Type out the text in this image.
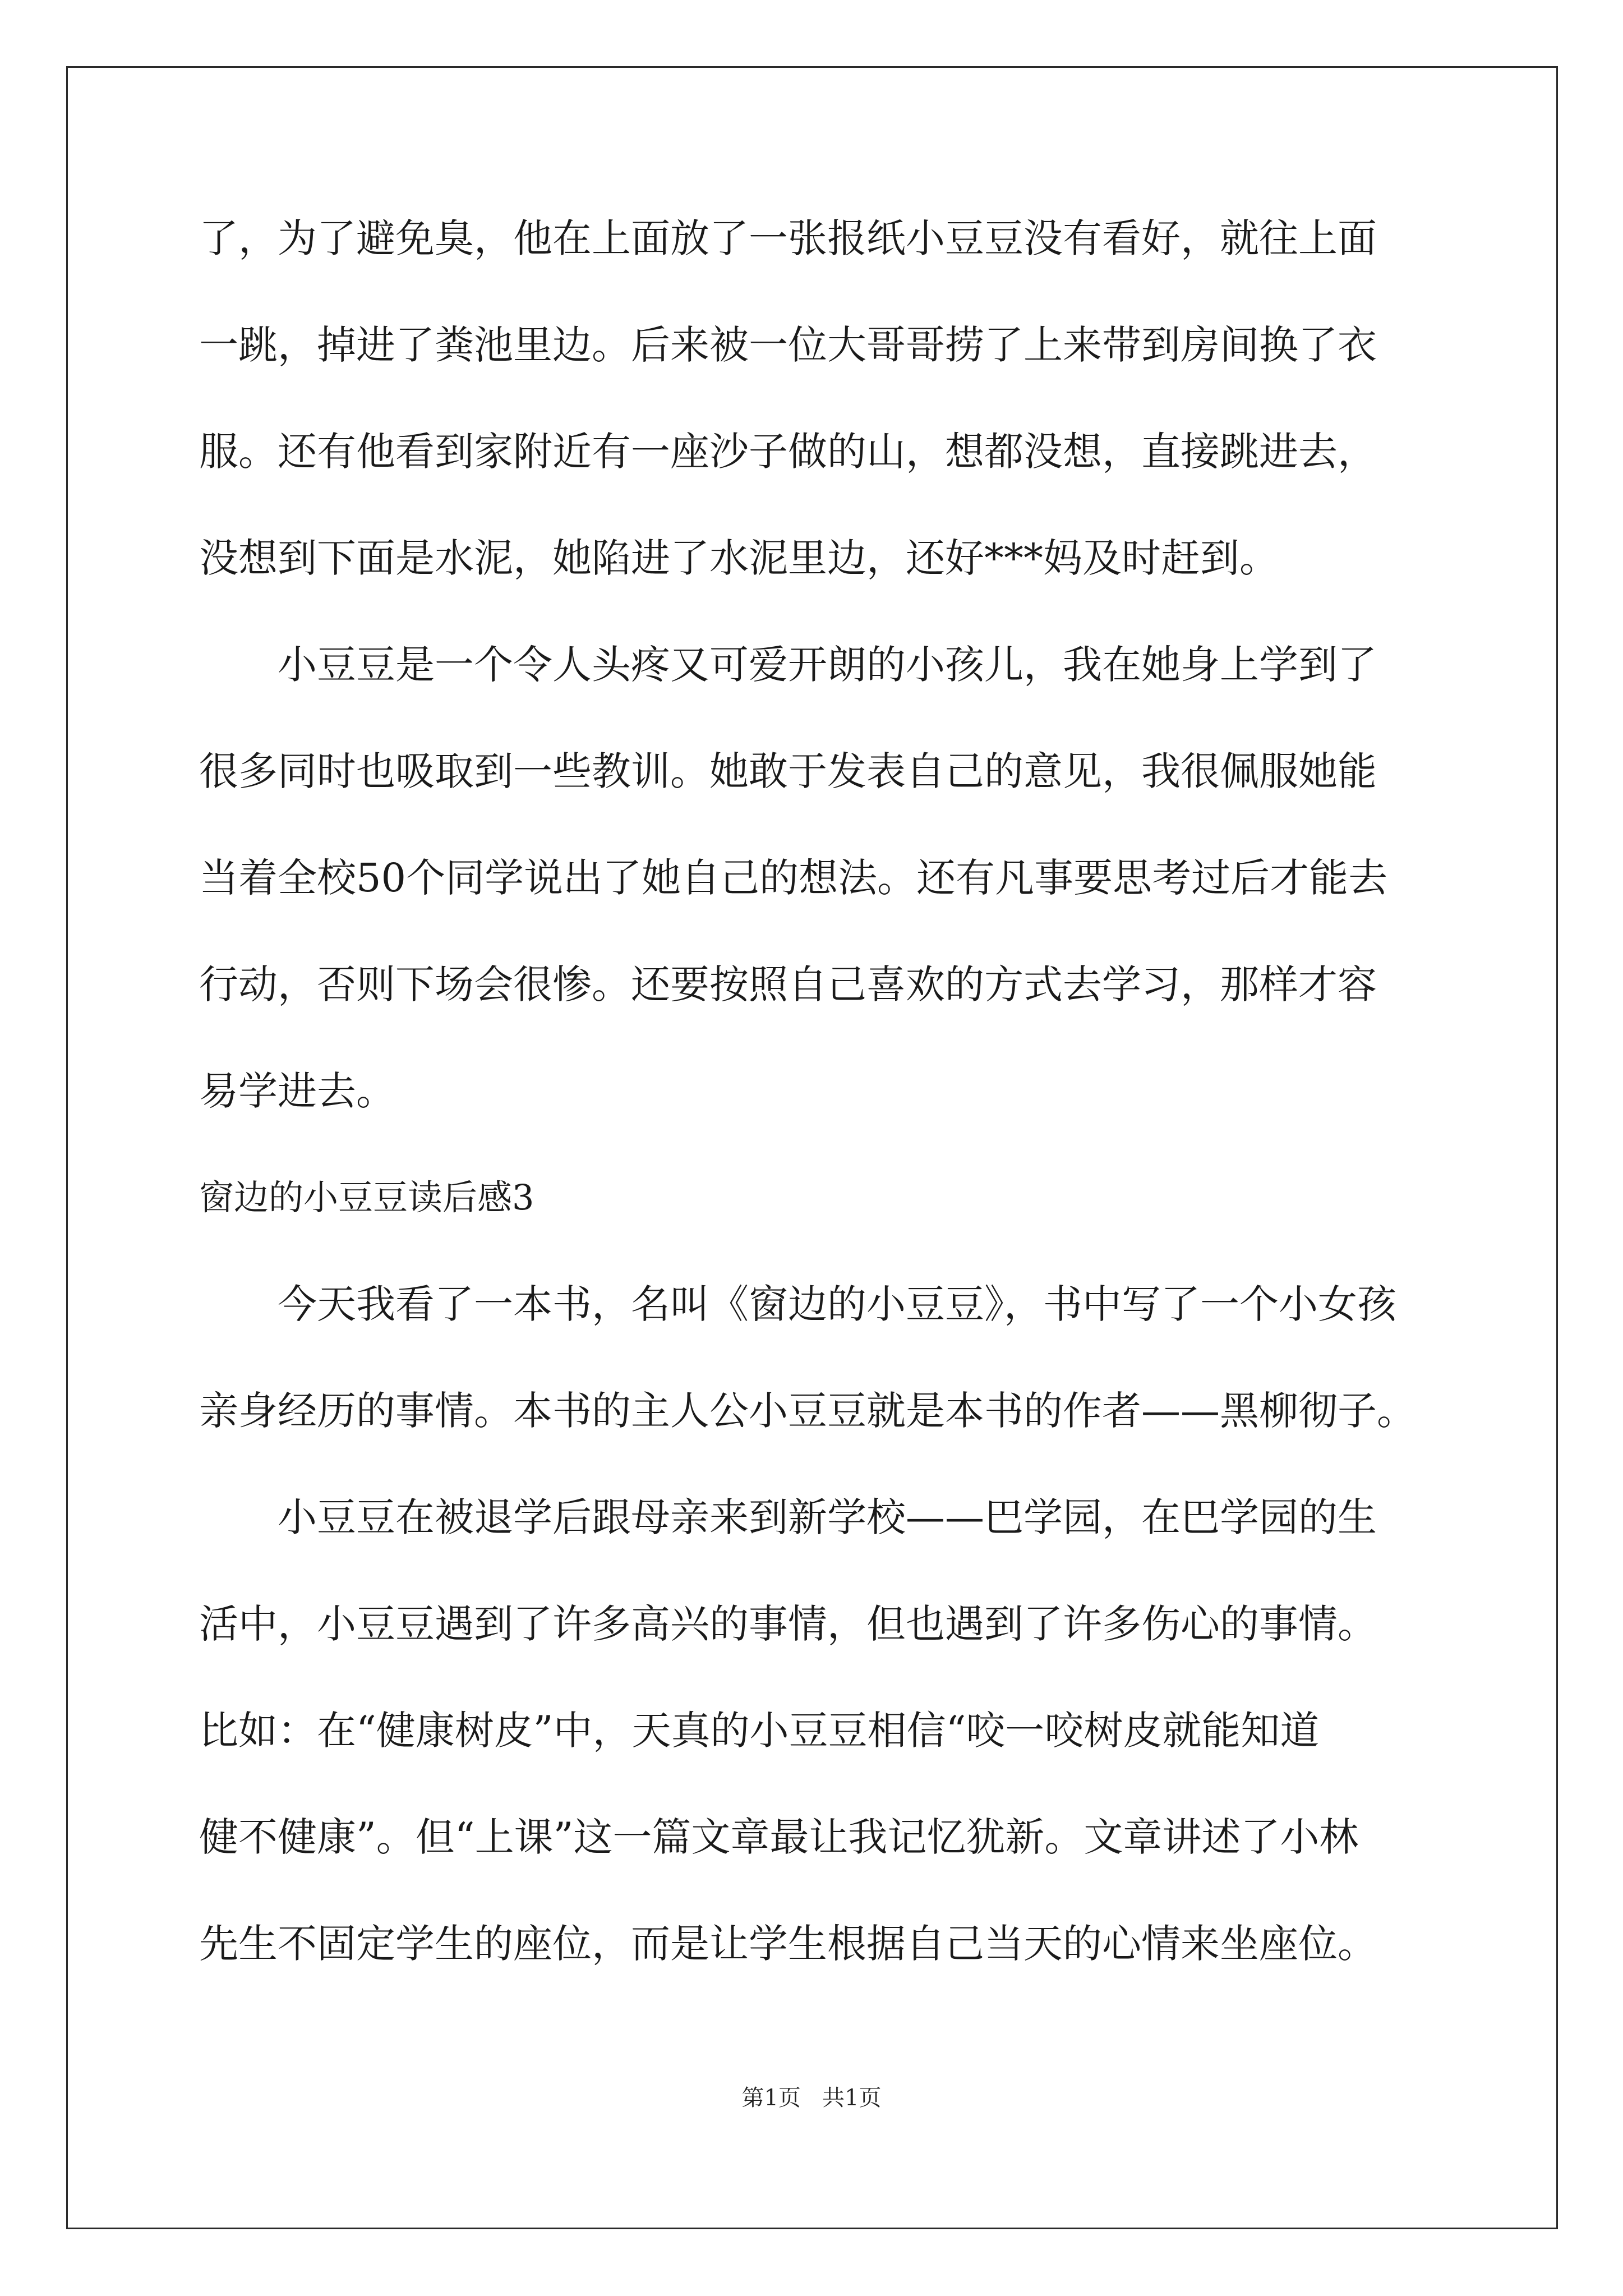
了，为了避免臭，他在上面放了一张报纸小豆豆没有看好，就往上面
一跳，掉进了粪池里边。后来被一位大哥哥捞了上来带到房间换了衣
服。还有他看到家附近有一座沙子做的山，想都没想，直接跳进去，
没想到下面是水泥，她陷进了水泥里边，还好***妈及时赶到。
小豆豆是一个令人头疼又可爱开朗的小孩儿，我在她身上学到了
很多同时也吸取到一些教训。她敢于发表自己的意见，我很佩服她能
当着全校50个同学说出了她自己的想法。还有凡事要思考过后才能去
行动，否则下场会很惨。还要按照自己喜欢的方式去学习，那样才容
易学进去。
窗边的小豆豆读后感3
今天我看了一本书，名叫《窗边的小豆豆》，书中写了一个小女孩
亲身经历的事情。本书的主人公小豆豆就是本书的作者——黑柳彻子。
小豆豆在被退学后跟母亲来到新学校——巴学园，在巴学园的生
活中，小豆豆遇到了许多高兴的事情，但也遇到了许多伤心的事情。
比如：在“健康树皮”中，天真的小豆豆相信“咬一咬树皮就能知道
健不健康”。但“上课”这一篇文章最让我记忆犹新。文章讲述了小林
先生不固定学生的座位，而是让学生根据自己当天的心情来坐座位。
第1页   共1页
